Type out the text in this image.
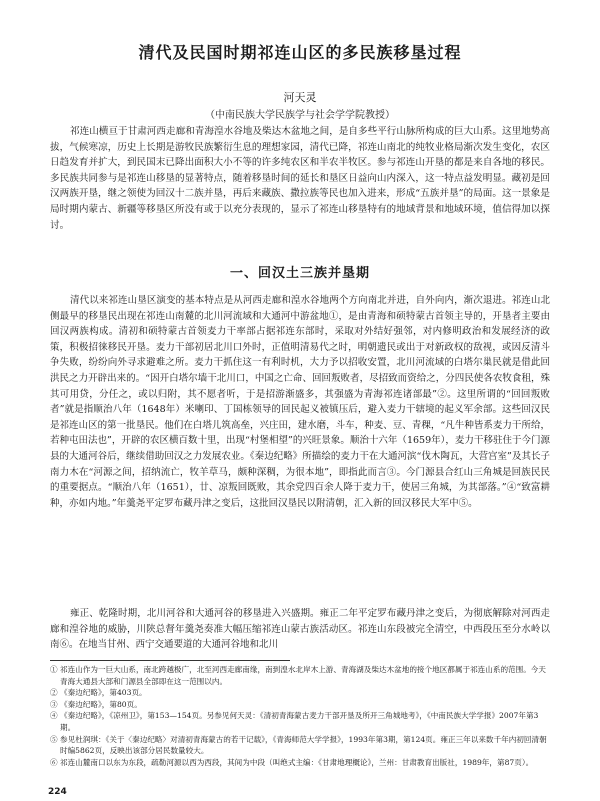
清代及民国时期祁连山区的多民族移垦过程
河天灵
（中南民族大学民族学与社会学学院教授）

祁连山横亘于甘肃河西走廊和青海湟水谷地及柴达木盆地之间，是自多些平行山脉所构成的巨大山系。这里地势高拔，气候寒凉，历史上长期是游牧民族繁衍生息的理想家园，清代已降，祁连山南北的纯牧业格局渐次发生变化，农区日趋发育并扩大，到民国末已降出面积大小不等的许多纯农区和半农半牧区。参与祁连山开垦的都是来自各地的移民。多民族共同参与是祁连山移垦的显著特点，随着移垦时间的延长和垦区日益向山内深入，这一特点益发明显。藏初是回汉两族开垦，继之领使为回汉十二族并垦，再后来藏族、撒拉族等民也加入进来，形成“五族并垦”的局面。这一景象是局时期内蒙古、新疆等移垦区所没有或于以充分表现的，显示了祁连山移垦特有的地域背景和地域环境，值信得加以探讨。

一、回汉土三族并垦期

清代以来祁连山垦区演变的基本特点是从河西走廊和湟水谷地两个方向南北并进，自外向内，渐次退进。祁连山北侧最早的移垦民出现在祁连山南麓的北川河流域和大通河中游盆地①，是由青海和硕特蒙古首领主导的，开垦者主要由回汉两族构成。清初和硕特蒙古首领麦力干率部占据祁连东部时，采取对外结好强邻，对内修明政治和发展经济的政策，积极招徕移民开垦。麦力干部初居北川口外时，正值明清易代之时，明朝遗民或出于对新政权的敌视，或因反清斗争失败，纷纷向外寻求避难之所。麦力干抓住这一有利时机，大力予以招收安置，北川河流域的白塔尔巢民就是借此回洪民之力开辟出来的。“因开白塔尔墙干北川口，中国之亡命、回回叛败者，尽招致而资给之，分四民使各农牧食租，殊其可用贷，分任之，或以归附，其不愿者听，于是招游渐盛多，其强盛为青海祁连诸部最”②。这里所谓的“回回叛败者”就是指顺治八年（1648年）米喇印、丁国栋领导的回民起义被镇压后，避入麦力干辖境的起义军余部。这些回汉民是祁连山区的第一批垦民。他们在白塔儿筑高垒，兴庄田，建水磨，斗车，种麦、豆、青稞，“凡牛种皆系麦力干所给，若种屯田法也”，开辟的农区横百数十里，出现“村堡相望”的兴旺景象。顺治十六年（1659年），麦力干移驻住于今门源县的大通河谷后，继续借助回汉之力发展农业。《秦边纪略》所描绘的麦力干在大通河滨“伐木陶瓦，大营宫室”及其长子南力木在“河源之间，招纳流亡，牧羊草马，颇种深稠，为很本地”，即指此而言③。今门源县合红山三角城是回族民民的重要据点。“顺治八年（1651），廿、凉叛回既败，其余党四百余人降于麦力干，使居三角城，为其部落。”④“致富耕种，亦如内地。”年羹尧平定罗布藏丹津之变后，这批回汉垦民以附清朝，汇入新的回汉移民大军中⑤。

雍正、乾隆时期，北川河谷和大通河谷的移垦进入兴盛期。雍正二年平定罗布藏丹津之变后，为彻底解除对河西走廊和湟谷地的威胁，川陕总督年羹尧奏准大幅压缩祁连山蒙古族活动区。祁连山东段被完全清空，中西段压至分水岭以南⑥。在地当甘州、西宁交通要道的大通河谷地和北川

① 祁连山作为一巨大山系，南北跨越极广，北至河西走廊南缘，南到湟水北岸木上游、青海湖及柴达木盆地的接个地区都属于祁连山系的范围。今天青海大通县大部和门源县全部即在这一范围以内。
② 《秦边纪略》，第403页。
③ 《秦边纪略》，第80页。
④ 《秦边纪略》，《凉州卫》，第153—154页。另参见何天灵：《清初青海蒙古麦力干部开垦及所开三角城地考》，《中南民族大学学报》2007年第3期。
⑤ 参见杜润琪：《关于〈秦边纪略〉对清初青海蒙古的若干记载》，《青海师范大学学报》，1993年第3期，第124页。雍正三年以来数千年内初回清朝时编5862页，反映出该部分居民数量较大。
⑥ 祁连山麓南口以东为东段，疏勒河源以西为西段，其间为中段（叫绝式主编：《甘肃地理概论》，兰州：甘肃教育出版社，1989年，第87页）。
224
